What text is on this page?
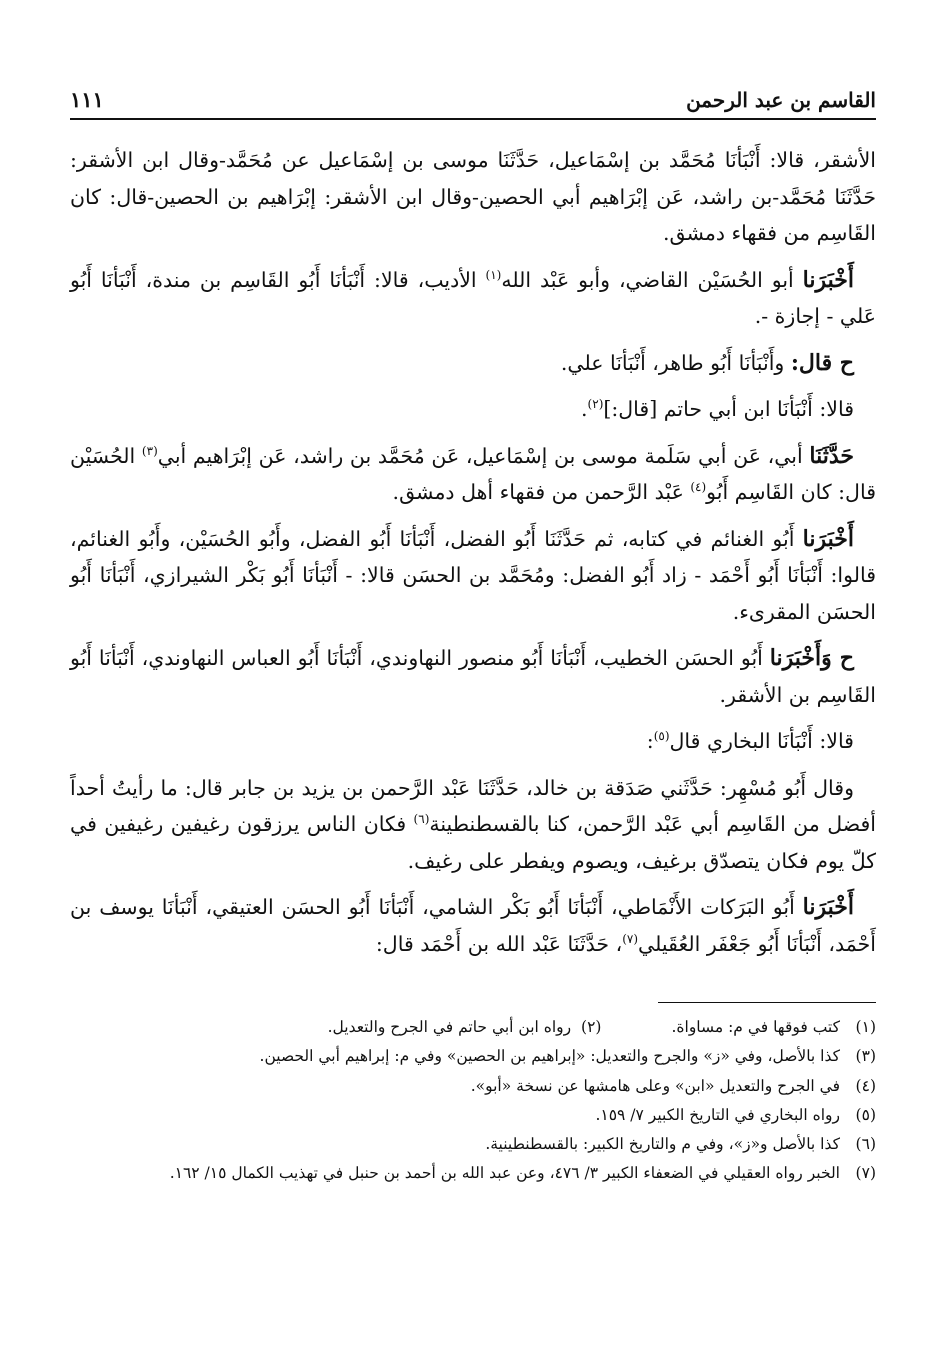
القاسم بن عبد الرحمن
١١١

الأشقر، قالا: أَنْبَأنَا مُحَمَّد بن إسْمَاعيل، حَدَّثَنَا موسى بن إسْمَاعيل عن مُحَمَّد-وقال ابن الأشقر: حَدَّثَنَا مُحَمَّد-بن راشد، عَن إبْرَاهيم أبي الحصين-وقال ابن الأشقر: إبْرَاهيم بن الحصين-قال: كان القَاسِم من فقهاء دمشق.

أَخْبَرَنا أبو الحُسَيْن القاضي، وأبو عَبْد الله$^{(١)}$ الأديب، قالا: أَنْبَأنَا أَبُو القَاسِم بن مندة، أَنْبَأنَا أَبُو عَلي - إجازة -.

ح قال: وأَنْبَأنَا أَبُو طاهر، أَنْبَأنَا علي.

قالا: أَنْبَأنَا ابن أبي حاتم [قال:]$^{(٢)}$.

حَدَّثَنَا أبي، عَن أبي سَلَمة موسى بن إسْمَاعيل، عَن مُحَمَّد بن راشد، عَن إبْرَاهيم أبي$^{(٣)}$ الحُسَيْن قال: كان القَاسِم أَبُو$^{(٤)}$ عَبْد الرَّحمن من فقهاء أهل دمشق.

أَخْبَرَنا أَبُو الغنائم في كتابه، ثم حَدَّثَنَا أَبُو الفضل، أَنْبَأنَا أَبُو الفضل، وأَبُو الحُسَيْن، وأَبُو الغنائم، قالوا: أَنْبَأنَا أَبُو أَحْمَد - زاد أَبُو الفضل: ومُحَمَّد بن الحسَن قالا: - أَنْبَأنَا أَبُو بَكْر الشيرازي، أَنْبَأنَا أَبُو الحسَن المقرىء.

ح وَأَخْبَرَنا أَبُو الحسَن الخطيب، أَنْبَأنَا أَبُو منصور النهاوندي، أَنْبَأنَا أَبُو العباس النهاوندي، أَنْبَأنَا أَبُو القَاسِم بن الأشقر.

قالا: أَنْبَأنَا البخاري قال$^{(٥)}$:

وقال أَبُو مُسْهِر: حَدَّثَني صَدَقة بن خالد، حَدَّثَنَا عَبْد الرَّحمن بن يزيد بن جابر قال: ما رأيتُ أحداً أفضل من القَاسِم أبي عَبْد الرَّحمن، كنا بالقسطنطينة$^{(٦)}$ فكان الناس يرزقون رغيفين رغيفين في كلّ يوم فكان يتصدّق برغيف، ويصوم ويفطر على رغيف.

أَخْبَرَنا أَبُو البَرَكات الأَنْمَاطي، أَنْبَأنَا أَبُو بَكْر الشامي، أَنْبَأنَا أَبُو الحسَن العتيقي، أَنْبَأنَا يوسف بن أَحْمَد، أَنْبَأنَا أَبُو جَعْفَر العُقَيلي$^{(٧)}$، حَدَّثَنَا عَبْد الله بن أَحْمَد قال:

(١)
كتب فوقها في م: مساواة.
(٢)  رواه ابن أبي حاتم في الجرح والتعديل.
(٣)
كذا بالأصل، وفي «ز» والجرح والتعديل: «إبراهيم بن الحصين» وفي م: إبراهيم أبي الحصين.
(٤)
في الجرح والتعديل «ابن» وعلى هامشها عن نسخة «أبو».
(٥)
رواه البخاري في التاريخ الكبير ٧/ ١٥٩.
(٦)
كذا بالأصل و«ز»، وفي م والتاريخ الكبير: بالقسطنطينية.
(٧)
الخبر رواه العقيلي في الضعفاء الكبير ٣/ ٤٧٦، وعن عبد الله بن أحمد بن حنبل في تهذيب الكمال ١٥/ ١٦٢.
